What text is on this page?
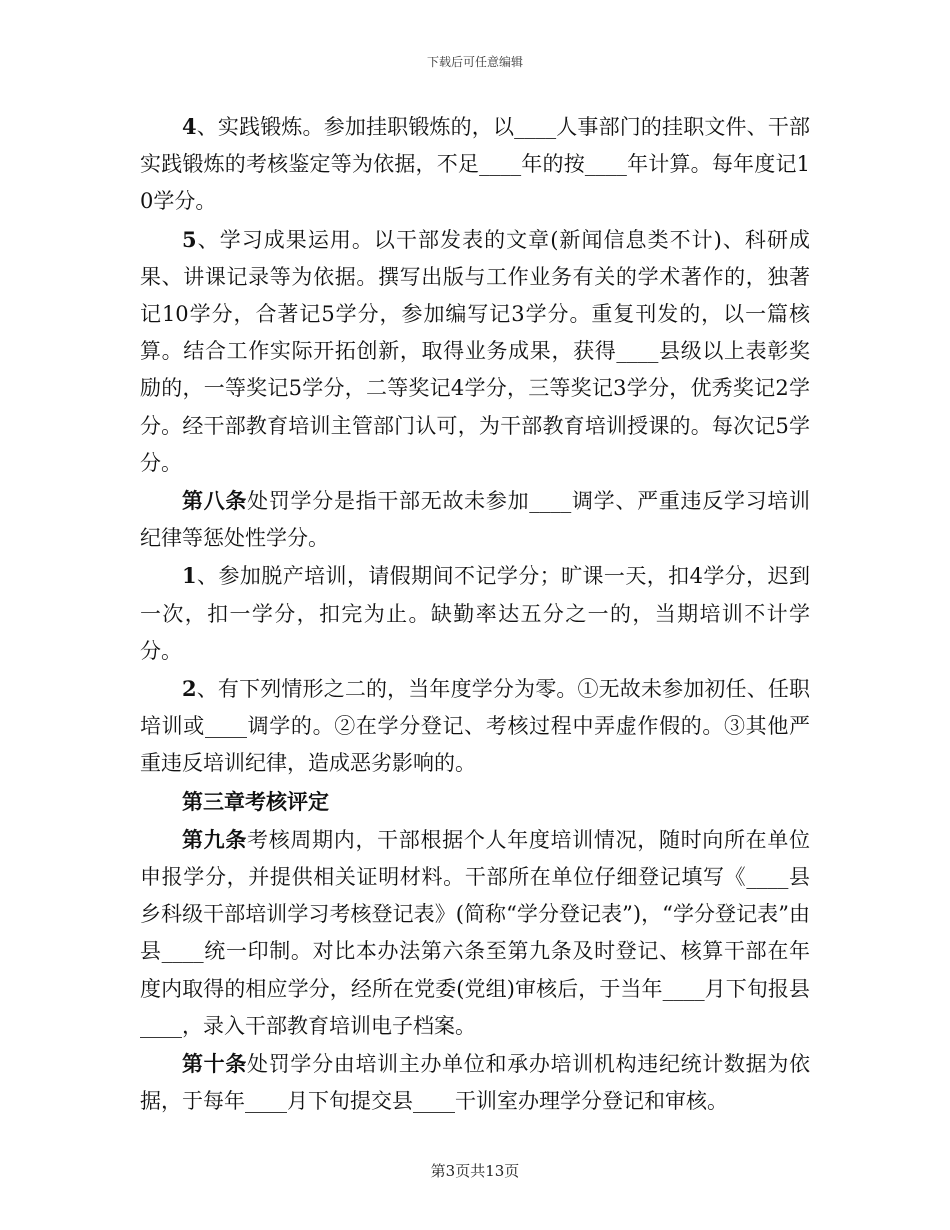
下载后可任意编辑

4、实践锻炼。参加挂职锻炼的，以____人事部门的挂职文件、干部实践锻炼的考核鉴定等为依据，不足____年的按____年计算。每年度记10学分。

5、学习成果运用。以干部发表的文章(新闻信息类不计)、科研成果、讲课记录等为依据。撰写出版与工作业务有关的学术著作的，独著记10学分，合著记5学分，参加编写记3学分。重复刊发的，以一篇核算。结合工作实际开拓创新，取得业务成果，获得____县级以上表彰奖励的，一等奖记5学分，二等奖记4学分，三等奖记3学分，优秀奖记2学分。经干部教育培训主管部门认可，为干部教育培训授课的。每次记5学分。

第八条处罚学分是指干部无故未参加____调学、严重违反学习培训纪律等惩处性学分。

1、参加脱产培训，请假期间不记学分；旷课一天，扣4学分，迟到一次，扣一学分，扣完为止。缺勤率达五分之一的，当期培训不计学分。

2、有下列情形之二的，当年度学分为零。①无故未参加初任、任职培训或____调学的。②在学分登记、考核过程中弄虚作假的。③其他严重违反培训纪律，造成恶劣影响的。

第三章考核评定

第九条考核周期内，干部根据个人年度培训情况，随时向所在单位申报学分，并提供相关证明材料。干部所在单位仔细登记填写《____县乡科级干部培训学习考核登记表》(简称“学分登记表”)，“学分登记表”由县____统一印制。对比本办法第六条至第九条及时登记、核算干部在年度内取得的相应学分，经所在党委(党组)审核后，于当年____月下旬报县____，录入干部教育培训电子档案。

第十条处罚学分由培训主办单位和承办培训机构违纪统计数据为依据，于每年____月下旬提交县____干训室办理学分登记和审核。

第3页共13页
